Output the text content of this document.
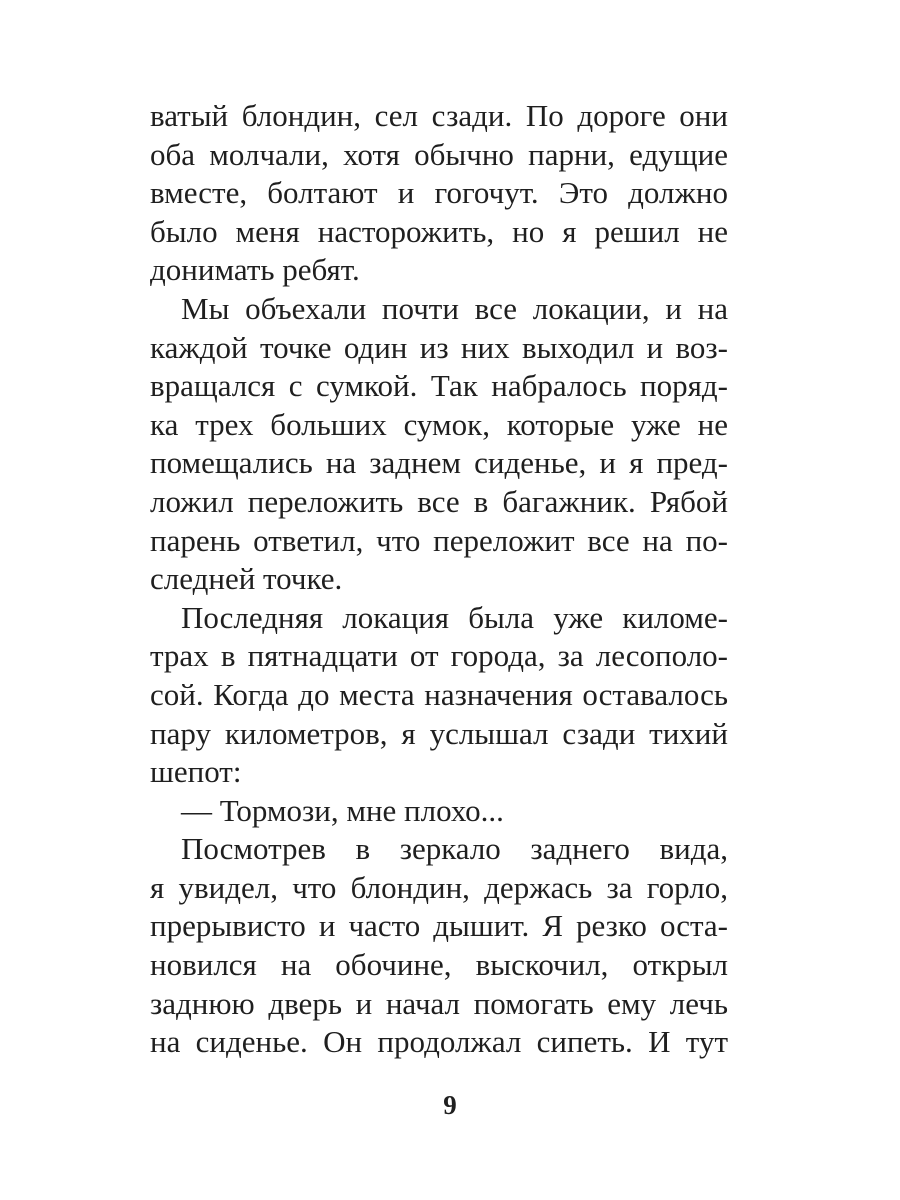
ватый блондин, сел сзади. По дороге они
оба молчали, хотя обычно парни, едущие
вместе, болтают и гогочут. Это должно
было меня насторожить, но я решил не
донимать ребят.
Мы объехали почти все локации, и на
каждой точке один из них выходил и воз-
вращался с сумкой. Так набралось поряд-
ка трех больших сумок, которые уже не
помещались на заднем сиденье, и я пред-
ложил переложить все в багажник. Рябой
парень ответил, что переложит все на по-
следней точке.
Последняя локация была уже киломе-
трах в пятнадцати от города, за лесополо-
сой. Когда до места назначения оставалось
пару километров, я услышал сзади тихий
шепот:
— Тормози, мне плохо...
Посмотрев в зеркало заднего вида,
я увидел, что блондин, держась за горло,
прерывисто и часто дышит. Я резко оста-
новился на обочине, выскочил, открыл
заднюю дверь и начал помогать ему лечь
на сиденье. Он продолжал сипеть. И тут
9
